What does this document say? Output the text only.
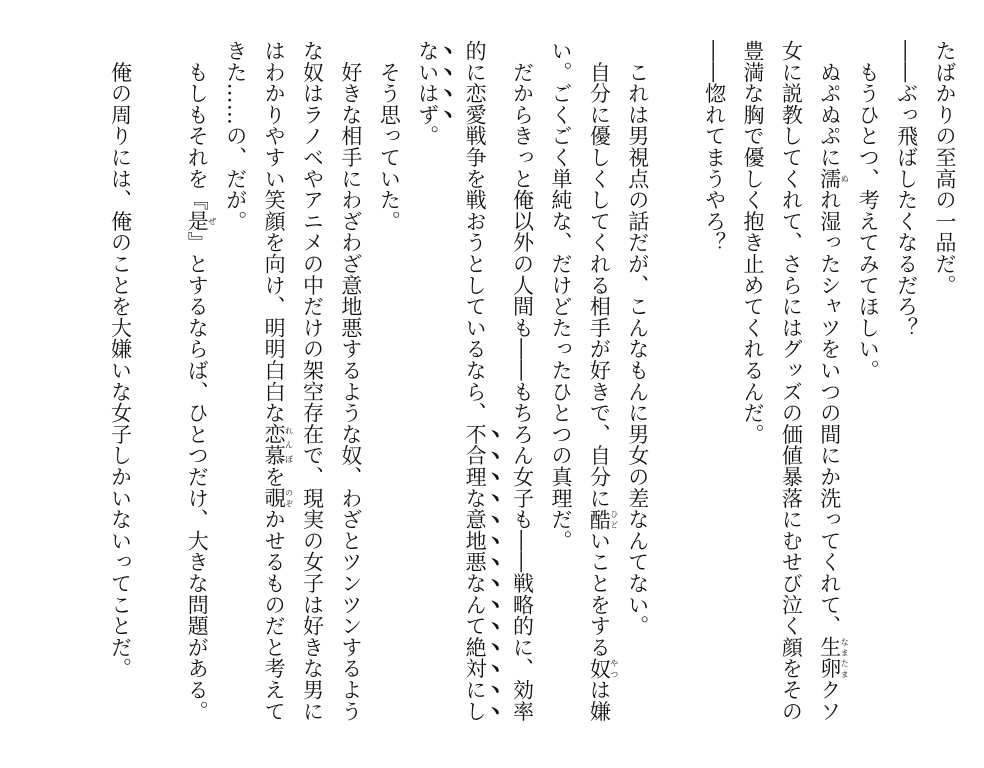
たばかりの至高の一品だ。

――ぶっ飛ばしたくなるだろ？

　もうひとつ、考えてみてほしい。

　ぬぷぬぷに濡ぬれ湿ったシャツをいつの間にか洗ってくれて、生卵なまたまクソ女に説教してくれて、さらにはグッズの価値暴落にむせび泣く顔をその豊満な胸で優しく抱き止めてくれるんだ。

――惚れてまうやろ？

　これは男視点の話だが、こんなもんに男女の差なんてない。

　自分に優しくしてくれる相手が好きで、自分に酷ひどいことをする奴やつは嫌い。ごくごく単純な、だけどたったひとつの真理だ。

　だからきっと俺以外の人間も――もちろん女子も――戦略的に、効率的に恋愛戦争を戦おうとしているなら、不合理な意地悪なんて絶対にしないはず。

　そう思っていた。

　好きな相手にわざわざ意地悪するような奴、わざとツンツンするような奴はラノベやアニメの中だけの架空存在で、現実の女子は好きな男にはわかりやすい笑顔を向け、明明白白な恋慕れんぼを覗のぞかせるものだと考えてきた……の、だが。

　もしもそれを『是ぜ』とするならば、ひとつだけ、大きな問題がある。

　俺の周りには、俺のことを大嫌いな女子しかいないってことだ。
